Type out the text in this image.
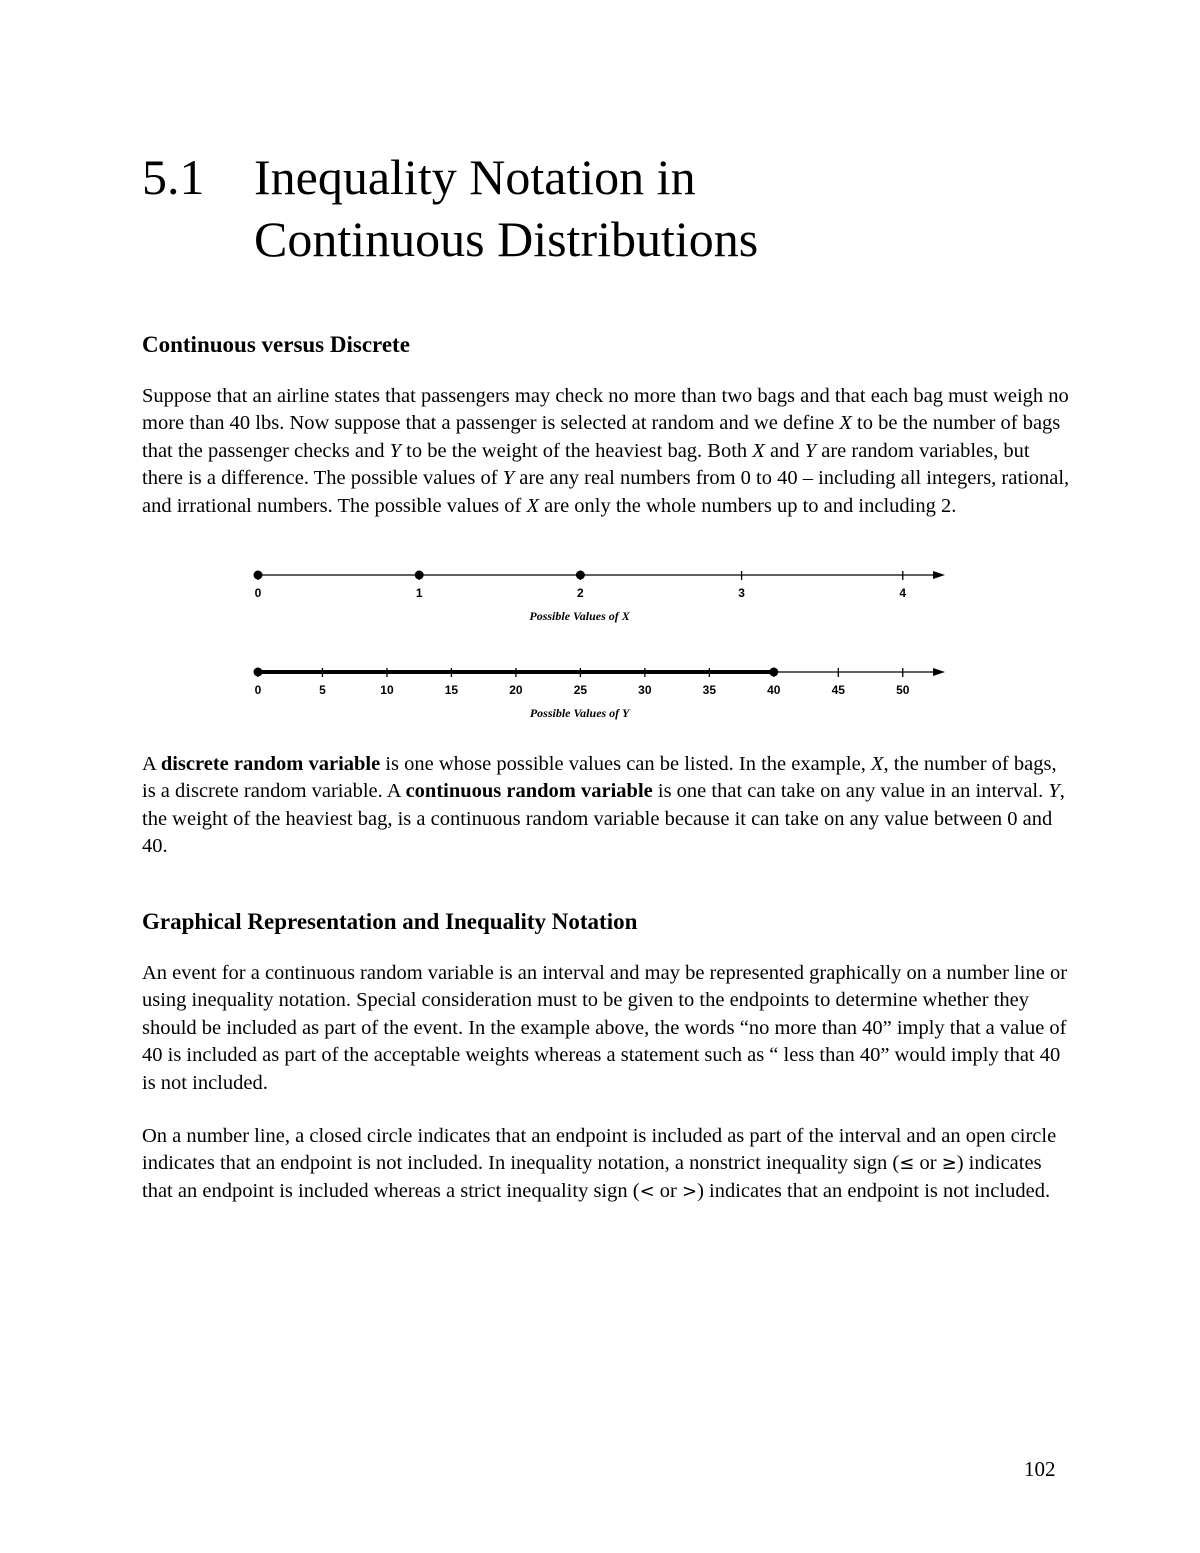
5.1 Inequality Notation in
Continuous Distributions
Continuous versus Discrete

Suppose that an airline states that passengers may check no more than two bags and that each bag must weigh no more than 40 lbs. Now suppose that a passenger is selected at random and we define X to be the number of bags that the passenger checks and Y to be the weight of the heaviest bag. Both X and Y are random variables, but there is a difference. The possible values of Y are any real numbers from 0 to 40 – including all integers, rational, and irrational numbers. The possible values of X are only the whole numbers up to and including 2.

0	1	2	3	4
Possible Values of X
0	5	10	15	20	25	30	35	40	45	50
Possible Values of Y

A discrete random variable is one whose possible values can be listed. In the example, X, the number of bags, is a discrete random variable. A continuous random variable is one that can take on any value in an interval. Y, the weight of the heaviest bag, is a continuous random variable because it can take on any value between 0 and 40.

Graphical Representation and Inequality Notation

An event for a continuous random variable is an interval and may be represented graphically on a number line or using inequality notation. Special consideration must to be given to the endpoints to determine whether they should be included as part of the event. In the example above, the words “no more than 40” imply that a value of 40 is included as part of the acceptable weights whereas a statement such as “ less than 40” would imply that 40 is not included.

On a number line, a closed circle indicates that an endpoint is included as part of the interval and an open circle indicates that an endpoint is not included. In inequality notation, a nonstrict inequality sign (≤ or ≥) indicates that an endpoint is included whereas a strict inequality sign (< or >) indicates that an endpoint is not included.

102
